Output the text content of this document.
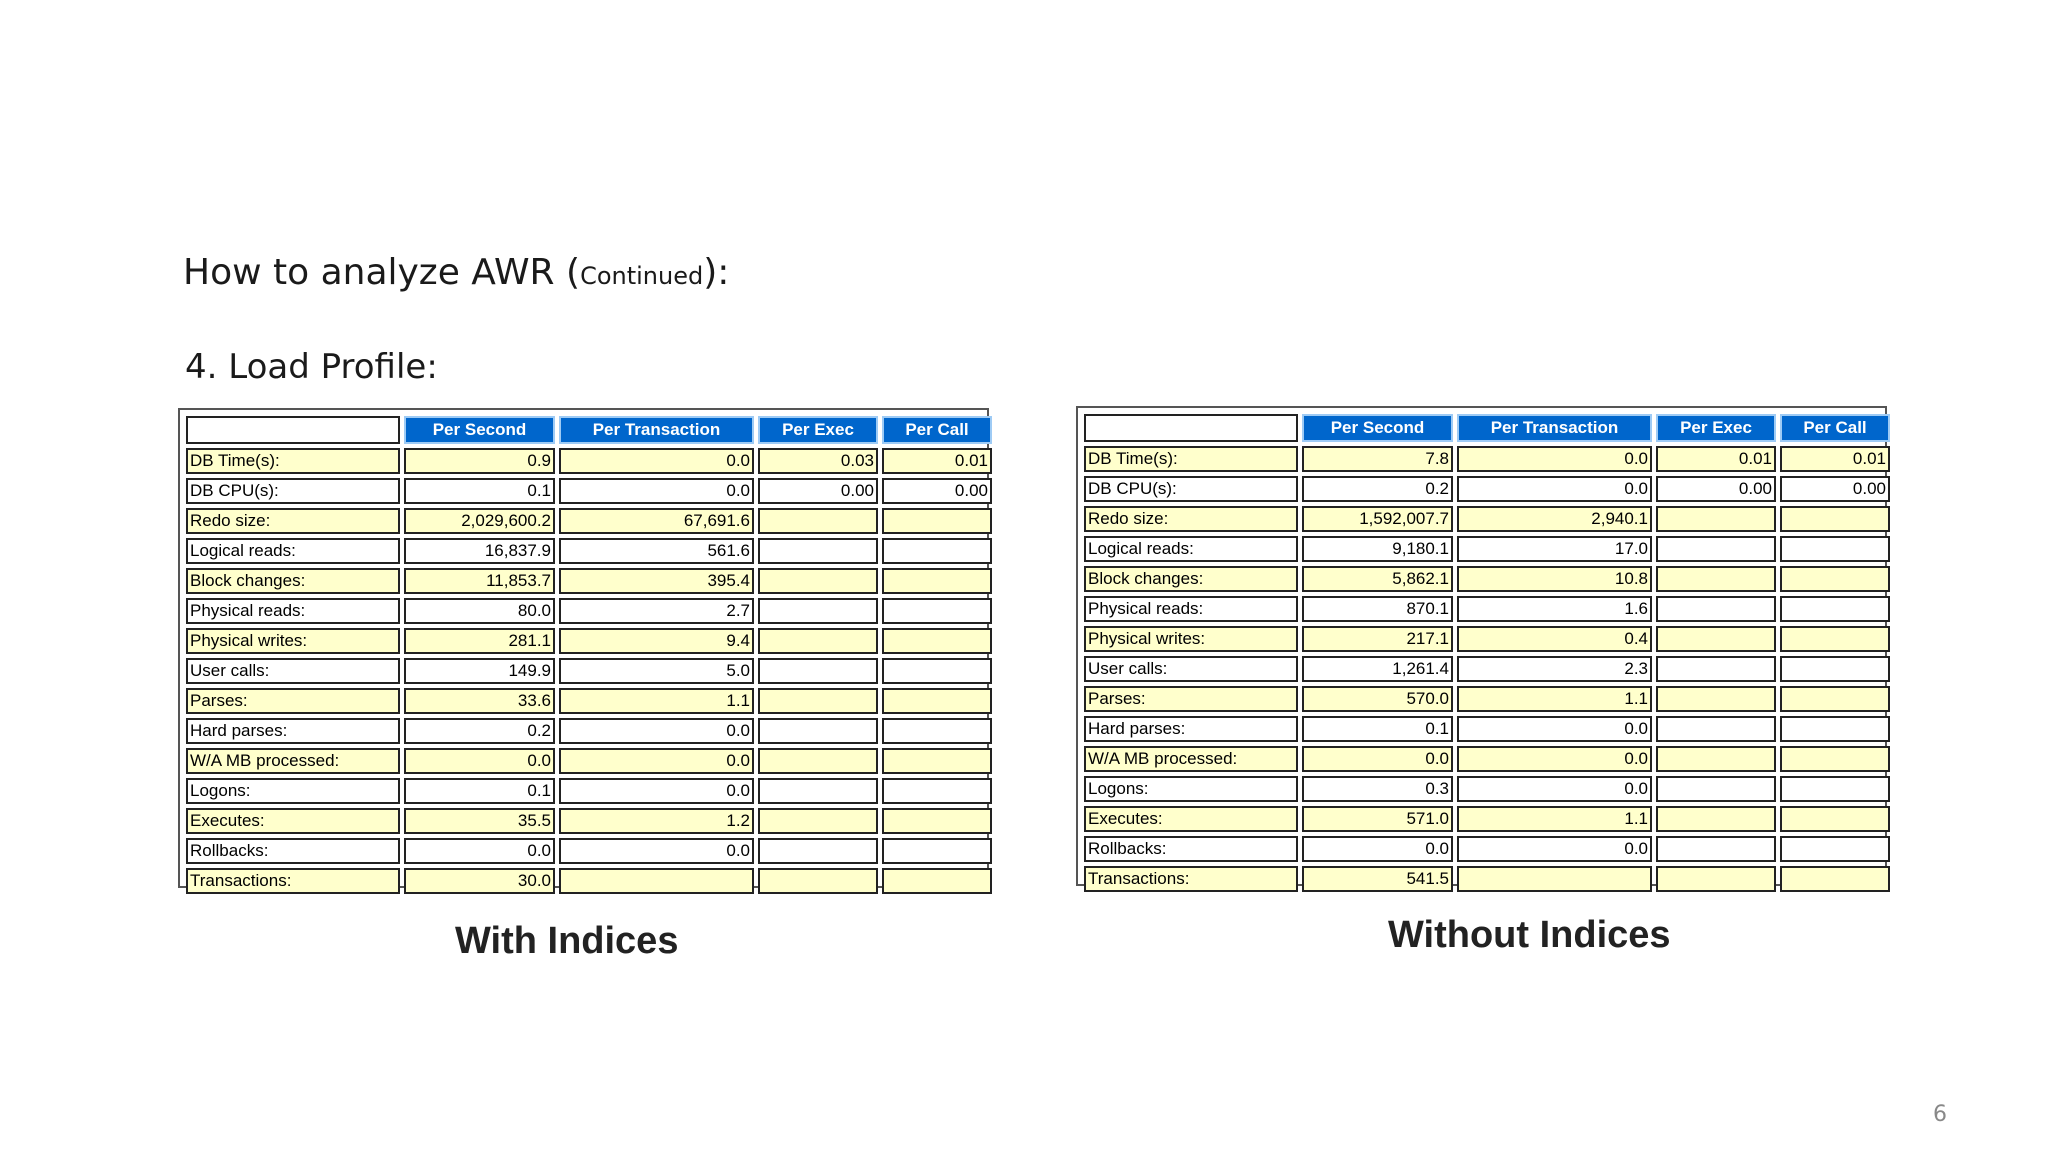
How to analyze AWR (Continued):
4. Load Profile:
	Per Second	Per Transaction	Per Exec	Per Call
DB Time(s):	0.9	0.0	0.03	0.01
DB CPU(s):	0.1	0.0	0.00	0.00
Redo size:	2,029,600.2	67,691.6		
Logical reads:	16,837.9	561.6		
Block changes:	11,853.7	395.4		
Physical reads:	80.0	2.7		
Physical writes:	281.1	9.4		
User calls:	149.9	5.0		
Parses:	33.6	1.1		
Hard parses:	0.2	0.0		
W/A MB processed:	0.0	0.0		
Logons:	0.1	0.0		
Executes:	35.5	1.2		
Rollbacks:	0.0	0.0		
Transactions:	30.0			
With Indices
	Per Second	Per Transaction	Per Exec	Per Call
DB Time(s):	7.8	0.0	0.01	0.01
DB CPU(s):	0.2	0.0	0.00	0.00
Redo size:	1,592,007.7	2,940.1		
Logical reads:	9,180.1	17.0		
Block changes:	5,862.1	10.8		
Physical reads:	870.1	1.6		
Physical writes:	217.1	0.4		
User calls:	1,261.4	2.3		
Parses:	570.0	1.1		
Hard parses:	0.1	0.0		
W/A MB processed:	0.0	0.0		
Logons:	0.3	0.0		
Executes:	571.0	1.1		
Rollbacks:	0.0	0.0		
Transactions:	541.5			
Without Indices
6
